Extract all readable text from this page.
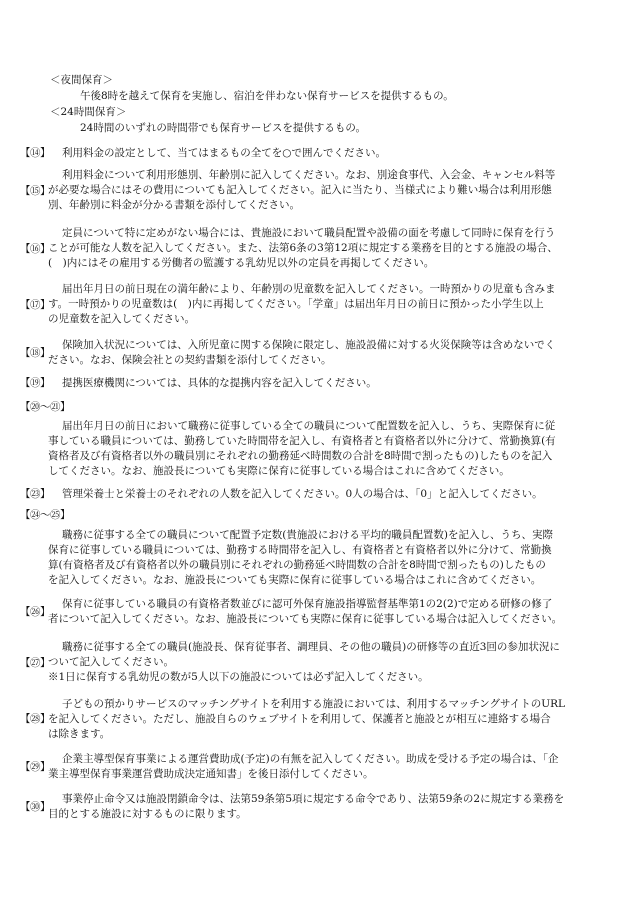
＜夜間保育＞
午後8時を越えて保育を実施し、宿泊を伴わない保育サービスを提供するもの。
＜24時間保育＞
24時間のいずれの時間帯でも保育サービスを提供するもの。
【⑭】 利用料金の設定として、当てはまるもの全てを○で囲んでください。
【⑮】
利用料金について利用形態別、年齢別に記入してください。なお、別途食事代、入会金、キャンセル料等
が必要な場合にはその費用についても記入してください。記入に当たり、当様式により難い場合は利用形態
別、年齢別に料金が分かる書類を添付してください。
【⑯】
定員について特に定めがない場合には、貴施設において職員配置や設備の面を考慮して同時に保育を行う
ことが可能な人数を記入してください。また、法第6条の3第12項に規定する業務を目的とする施設の場合、
(　)内にはその雇用する労働者の監護する乳幼児以外の定員を再掲してください。
【⑰】
届出年月日の前日現在の満年齢により、年齢別の児童数を記入してください。一時預かりの児童も含みま
す。一時預かりの児童数は(　)内に再掲してください。「学童」は届出年月日の前日に預かった小学生以上
の児童数を記入してください。
【⑱】
保険加入状況については、入所児童に関する保険に限定し、施設設備に対する火災保険等は含めないでく
ださい。なお、保険会社との契約書類を添付してください。
【⑲】 提携医療機関については、具体的な提携内容を記入してください。
【⑳～㉑】
届出年月日の前日において職務に従事している全ての職員について配置数を記入し、うち、実際保育に従
事している職員については、勤務していた時間帯を記入し、有資格者と有資格者以外に分けて、常勤換算(有
資格者及び有資格者以外の職員別にそれぞれの勤務延べ時間数の合計を8時間で割ったもの)したものを記入
してください。なお、施設長についても実際に保育に従事している場合はこれに含めてください。
【㉓】 管理栄養士と栄養士のそれぞれの人数を記入してください。0人の場合は、「0」と記入してください。
【㉔～㉕】
職務に従事する全ての職員について配置予定数(貴施設における平均的職員配置数)を記入し、うち、実際
保育に従事している職員については、勤務する時間帯を記入し、有資格者と有資格者以外に分けて、常勤換
算(有資格者及び有資格者以外の職員別にそれぞれの勤務延べ時間数の合計を8時間で割ったもの)したもの
を記入してください。なお、施設長についても実際に保育に従事している場合はこれに含めてください。
【㉖】
保育に従事している職員の有資格者数並びに認可外保育施設指導監督基準第1の2(2)で定める研修の修了
者について記入してください。なお、施設長についても実際に保育に従事している場合は記入してください。
【㉗】
職務に従事する全ての職員(施設長、保育従事者、調理員、その他の職員)の研修等の直近3回の参加状況に
ついて記入してください。
※1日に保育する乳幼児の数が5人以下の施設については必ず記入してください。
【㉘】
子どもの預かりサービスのマッチングサイトを利用する施設においては、利用するマッチングサイトのURL
を記入してください。ただし、施設自らのウェブサイトを利用して、保護者と施設とが相互に連絡する場合
は除きます。
【㉙】
企業主導型保育事業による運営費助成(予定)の有無を記入してください。助成を受ける予定の場合は、「企
業主導型保育事業運営費助成決定通知書」を後日添付してください。
【㉚】
事業停止命令又は施設閉鎖命令は、法第59条第5項に規定する命令であり、法第59条の2に規定する業務を
目的とする施設に対するものに限ります。
